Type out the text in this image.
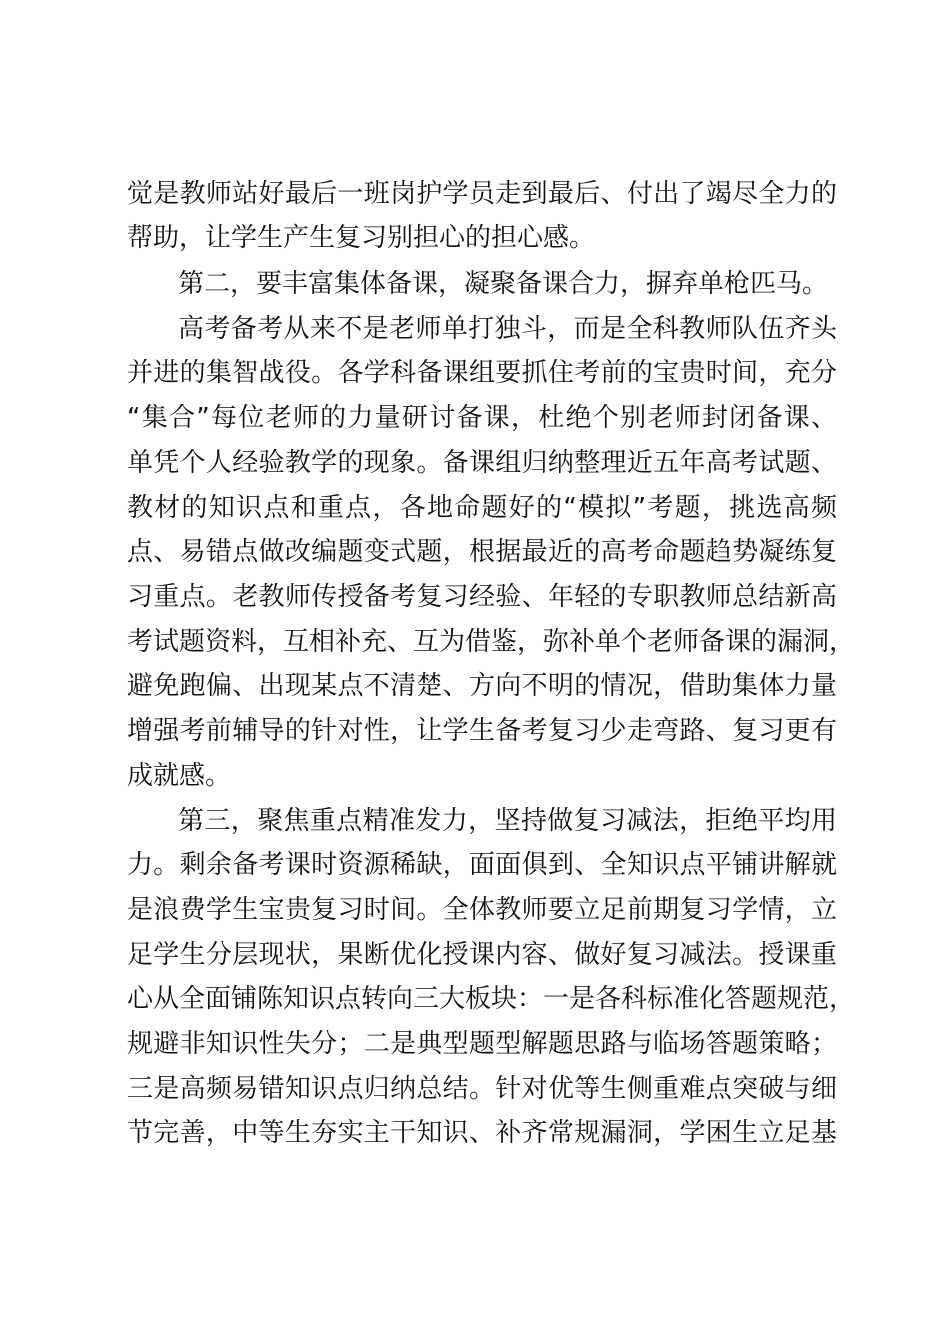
觉是教师站好最后一班岗护学员走到最后、付出了竭尽全力的
帮助，让学生产生复习别担心的担心感。
第二，要丰富集体备课，凝聚备课合力，摒弃单枪匹马。
高考备考从来不是老师单打独斗，而是全科教师队伍齐头
并进的集智战役。各学科备课组要抓住考前的宝贵时间，充分
“集合”每位老师的力量研讨备课，杜绝个别老师封闭备课、
单凭个人经验教学的现象。备课组归纳整理近五年高考试题、
教材的知识点和重点，各地命题好的“模拟”考题，挑选高频
点、易错点做改编题变式题，根据最近的高考命题趋势凝练复
习重点。老教师传授备考复习经验、年轻的专职教师总结新高
考试题资料，互相补充、互为借鉴，弥补单个老师备课的漏洞，
避免跑偏、出现某点不清楚、方向不明的情况，借助集体力量
增强考前辅导的针对性，让学生备考复习少走弯路、复习更有
成就感。
第三，聚焦重点精准发力，坚持做复习减法，拒绝平均用
力。剩余备考课时资源稀缺，面面俱到、全知识点平铺讲解就
是浪费学生宝贵复习时间。全体教师要立足前期复习学情，立
足学生分层现状，果断优化授课内容、做好复习减法。授课重
心从全面铺陈知识点转向三大板块：一是各科标准化答题规范，
规避非知识性失分；二是典型题型解题思路与临场答题策略；
三是高频易错知识点归纳总结。针对优等生侧重难点突破与细
节完善，中等生夯实主干知识、补齐常规漏洞，学困生立足基
